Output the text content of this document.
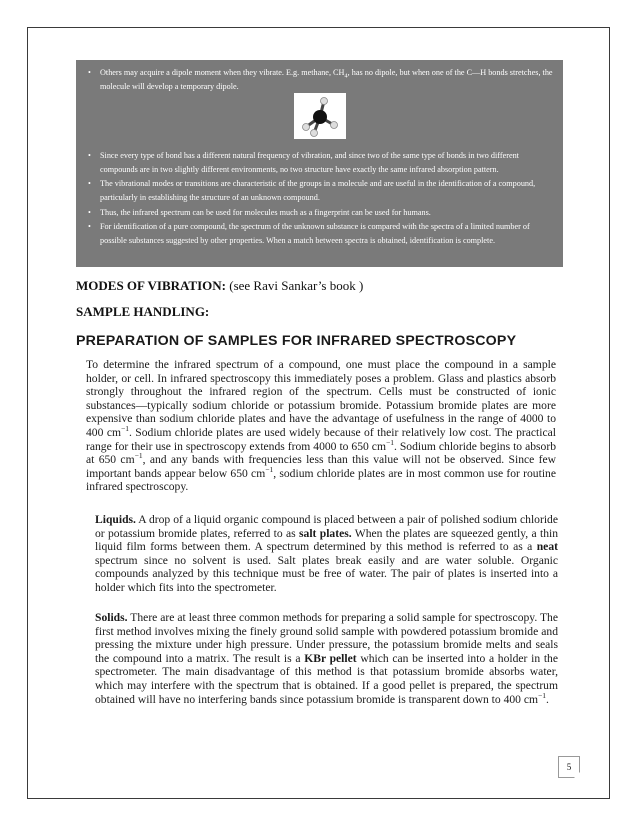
• Others may acquire a dipole moment when they vibrate. E.g. methane, $CH_4$, has no dipole, but when one of the C—H bonds stretches, the molecule will develop a temporary dipole.
• Since every type of bond has a different natural frequency of vibration, and since two of the same type of bonds in two different compounds are in two slightly different environments, no two structure have exactly the same infrared absorption pattern.
• The vibrational modes or transitions are characteristic of the groups in a molecule and are useful in the identification of a compound, particularly in establishing the structure of an unknown compound.
• Thus, the infrared spectrum can be used for molecules much as a fingerprint can be used for humans.
• For identification of a pure compound, the spectrum of the unknown substance is compared with the spectra of a limited number of possible substances suggested by other properties. When a match between spectra is obtained, identification is complete.
MODES OF VIBRATION: (see Ravi Sankar’s book )
SAMPLE HANDLING:
PREPARATION OF SAMPLES FOR INFRARED SPECTROSCOPY
To determine the infrared spectrum of a compound, one must place the compound in a sample holder, or cell. In infrared spectroscopy this immediately poses a problem. Glass and plastics absorb strongly throughout the infrared region of the spectrum. Cells must be constructed of ionic substances—typically sodium chloride or potassium bromide. Potassium bromide plates are more expensive than sodium chloride plates and have the advantage of usefulness in the range of 4000 to 400 $cm^{-1}$. Sodium chloride plates are used widely because of their relatively low cost. The practical range for their use in spectroscopy extends from 4000 to 650 $cm^{-1}$. Sodium chloride begins to absorb at 650 $cm^{-1}$, and any bands with frequencies less than this value will not be observed. Since few important bands appear below 650 $cm^{-1}$, sodium chloride plates are in most common use for routine infrared spectroscopy.
Liquids. A drop of a liquid organic compound is placed between a pair of polished sodium chloride or potassium bromide plates, referred to as salt plates. When the plates are squeezed gently, a thin liquid film forms between them. A spectrum determined by this method is referred to as a neat spectrum since no solvent is used. Salt plates break easily and are water soluble. Organic compounds analyzed by this technique must be free of water. The pair of plates is inserted into a holder which fits into the spectrometer.
Solids. There are at least three common methods for preparing a solid sample for spectroscopy. The first method involves mixing the finely ground solid sample with powdered potassium bromide and pressing the mixture under high pressure. Under pressure, the potassium bromide melts and seals the compound into a matrix. The result is a KBr pellet which can be inserted into a holder in the spectrometer. The main disadvantage of this method is that potassium bromide absorbs water, which may interfere with the spectrum that is obtained. If a good pellet is prepared, the spectrum obtained will have no interfering bands since potassium bromide is transparent down to 400 $cm^{-1}$.
5
